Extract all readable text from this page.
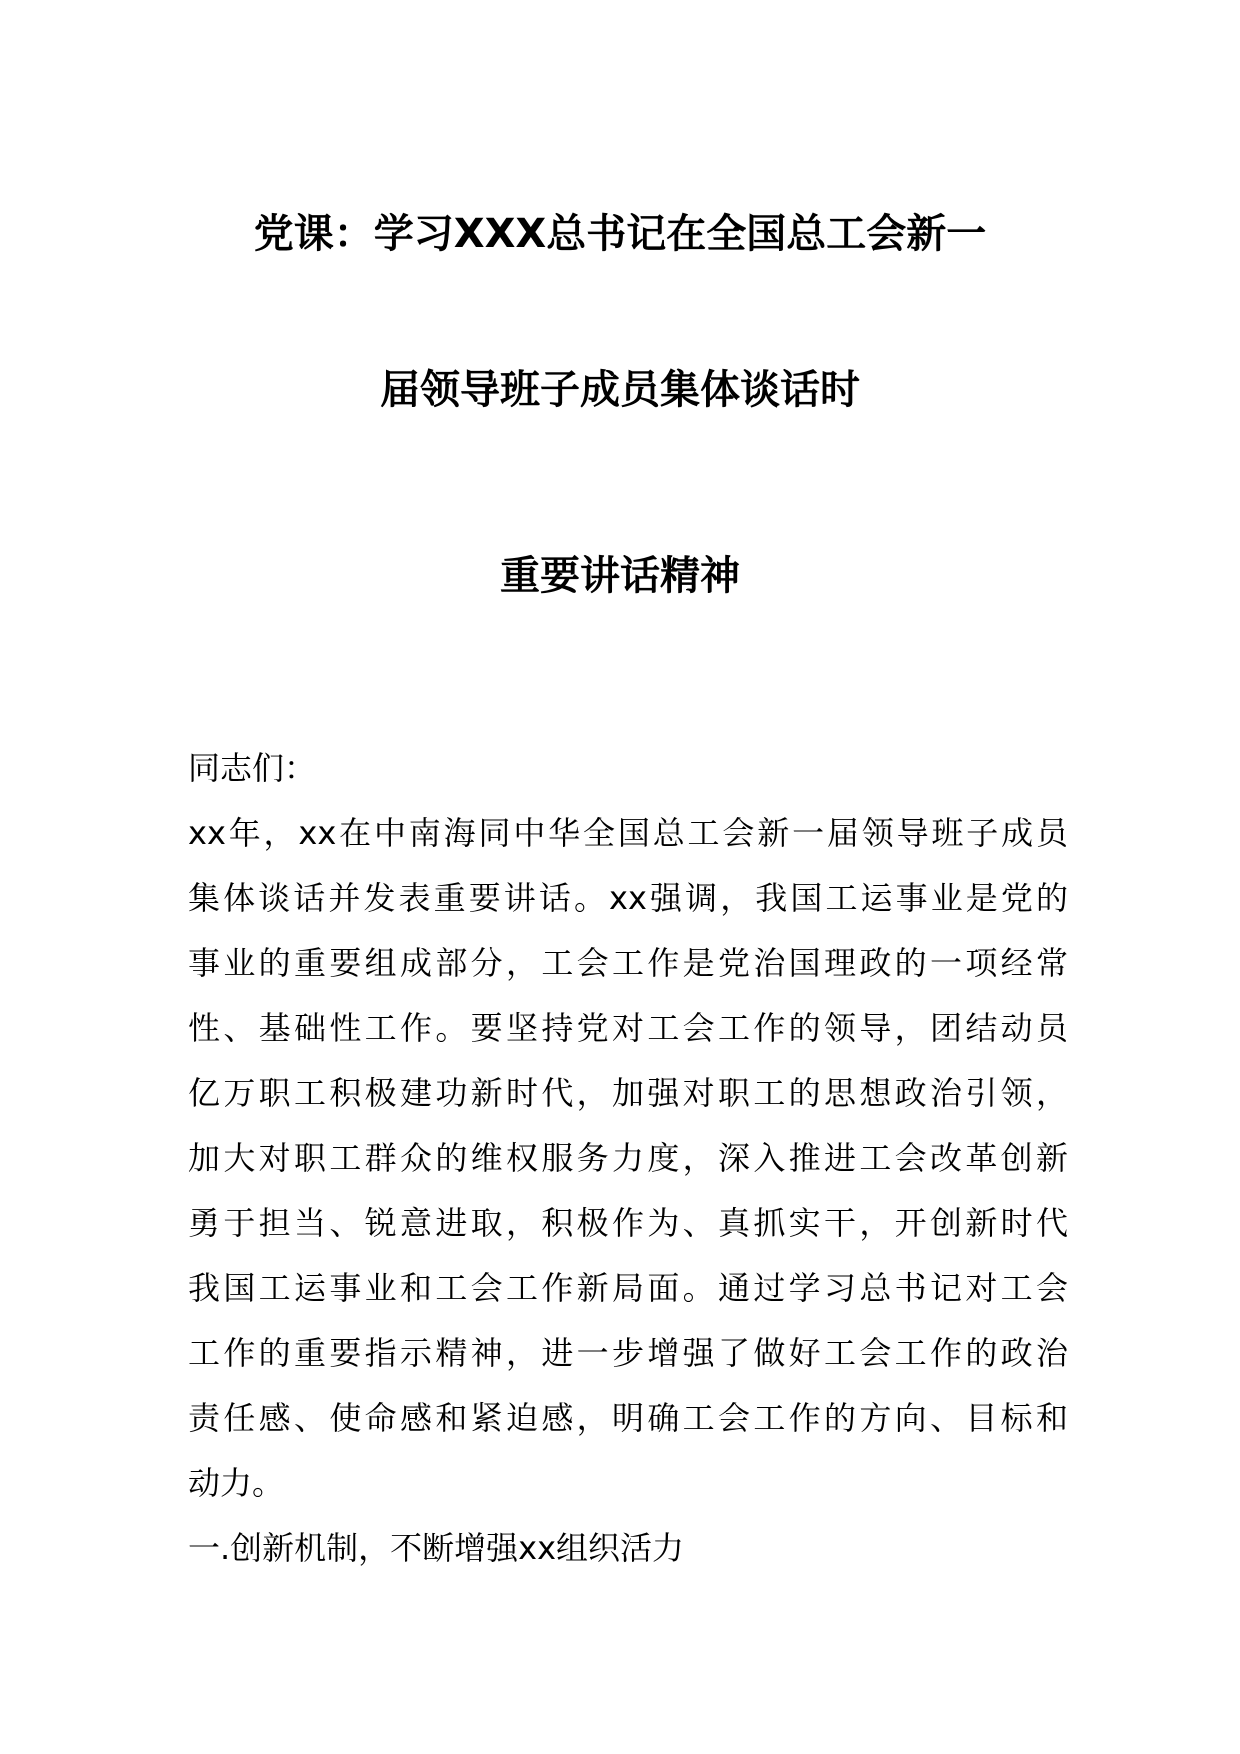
党课：学习XXX总书记在全国总工会新一
届领导班子成员集体谈话时
重要讲话精神
同志们：
xx年，xx在中南海同中华全国总工会新一届领导班子成员
集体谈话并发表重要讲话。xx强调，我国工运事业是党的
事业的重要组成部分，工会工作是党治国理政的一项经常
性、基础性工作。要坚持党对工会工作的领导，团结动员
亿万职工积极建功新时代，加强对职工的思想政治引领，
加大对职工群众的维权服务力度，深入推进工会改革创新
勇于担当、锐意进取，积极作为、真抓实干，开创新时代
我国工运事业和工会工作新局面。通过学习总书记对工会
工作的重要指示精神，进一步增强了做好工会工作的政治
责任感、使命感和紧迫感，明确工会工作的方向、目标和
动力。
一.创新机制，不断增强xx组织活力
